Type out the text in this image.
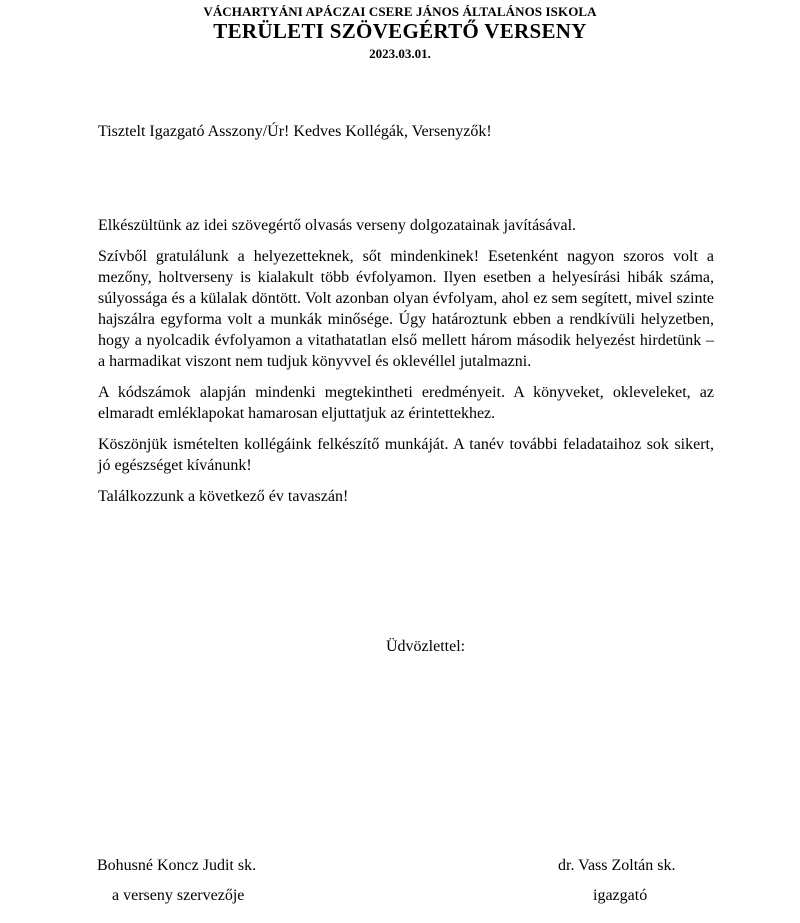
VÁCHARTYÁNI APÁCZAI CSERE JÁNOS ÁLTALÁNOS ISKOLA
TERÜLETI SZÖVEGÉRTŐ VERSENY
2023.03.01.
Tisztelt Igazgató Asszony/Úr! Kedves Kollégák, Versenyzők!

Elkészültünk az idei szövegértő olvasás verseny dolgozatainak javításával.

Szívből gratulálunk a helyezetteknek, sőt mindenkinek! Esetenként nagyon szoros volt a mezőny, holtverseny is kialakult több évfolyamon. Ilyen esetben a helyesírási hibák száma, súlyossága és a külalak döntött. Volt azonban olyan évfolyam, ahol ez sem segített, mivel szinte hajszálra egyforma volt a munkák minősége. Úgy határoztunk ebben a rendkívüli helyzetben, hogy a nyolcadik évfolyamon a vitathatatlan első mellett három második helyezést hirdetünk – a harmadikat viszont nem tudjuk könyvvel és oklevéllel jutalmazni.

A kódszámok alapján mindenki megtekintheti eredményeit. A könyveket, okleveleket, az elmaradt emléklapokat hamarosan eljuttatjuk az érintettekhez.

Köszönjük ismételten kollégáink felkészítő munkáját. A tanév további feladataihoz sok sikert, jó egészséget kívánunk!

Találkozzunk a következő év tavaszán!

Üdvözlettel:
Bohusné Koncz Judit sk.
a verseny szervezője
dr. Vass Zoltán sk.
igazgató
